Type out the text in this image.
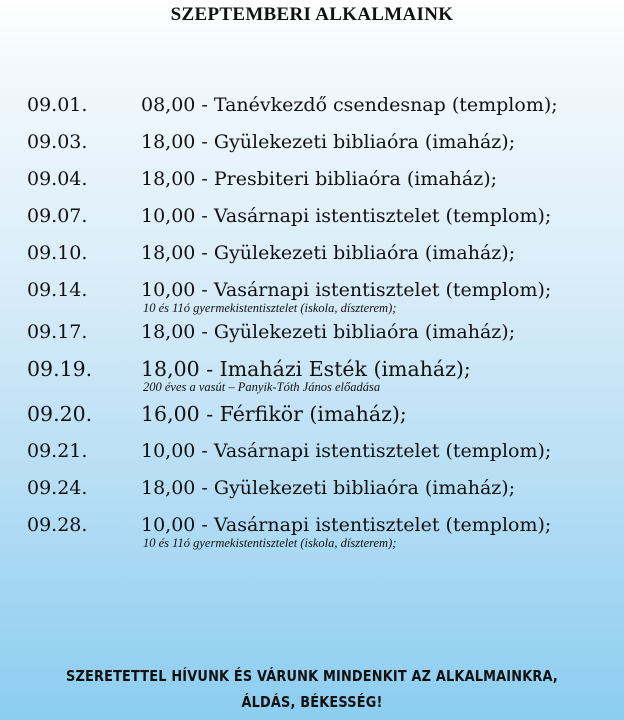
SZEPTEMBERI ALKALMAINK
09.01.	08,00 - Tanévkezdő csendesnap (templom);
09.03.	18,00 - Gyülekezeti bibliaóra (imaház);
09.04.	18,00 - Presbiteri bibliaóra (imaház);
09.07.	10,00 - Vasárnapi istentisztelet (templom);
09.10.	18,00 - Gyülekezeti bibliaóra (imaház);
09.14.	10,00 - Vasárnapi istentisztelet (templom);
10 és 11ó gyermekistentisztelet (iskola, díszterem);
09.17.	18,00 - Gyülekezeti bibliaóra (imaház);
09.19. 18,00 - Imaházi Esték (imaház);
200 éves a vasút – Panyik-Tóth János előadása
09.20. 16,00 - Férfikör (imaház);
09.21.	10,00 - Vasárnapi istentisztelet (templom);
09.24.	18,00 - Gyülekezeti bibliaóra (imaház);
09.28.	10,00 - Vasárnapi istentisztelet (templom);
10 és 11ó gyermekistentisztelet (iskola, díszterem);
SZERETETTEL HÍVUNK ÉS VÁRUNK MINDENKIT AZ ALKALMAINKRA,
ÁLDÁS, BÉKESSÉG!
